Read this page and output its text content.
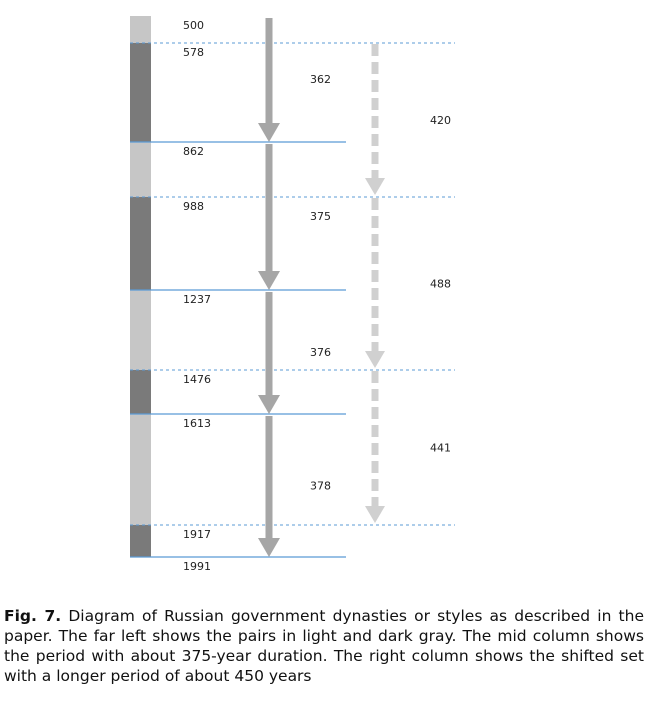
500
578
862
988
1237
1476
1613
1917
1991
362
375
376
378
420
488
441
Fig. 7. Diagram of Russian government dynasties or styles as described in the paper. The far left shows the pairs in light and dark gray. The mid column shows the period with about 375-year duration. The right column shows the shifted set with a longer period of about 450 years
